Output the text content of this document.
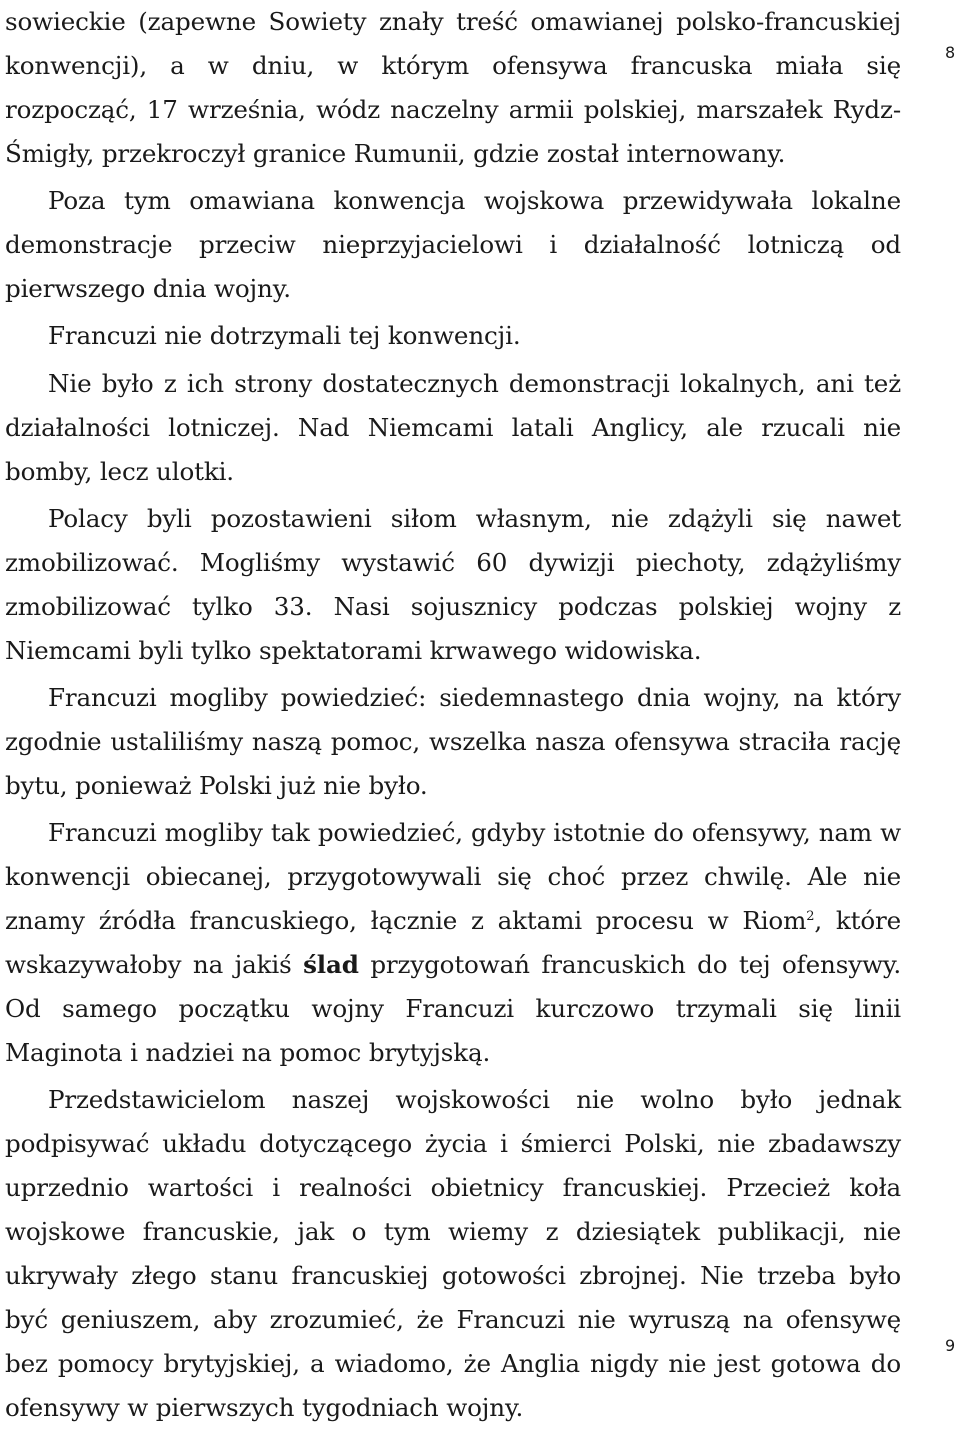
sowieckie (zapewne Sowiety znały treść omawianej polsko-francuskiej konwencji), a w dniu, w którym ofensywa francuska miała się rozpocząć, 17 września, wódz naczelny armii polskiej, marszałek Rydz-Śmigły, przekroczył granice Rumunii, gdzie został internowany.

Poza tym omawiana konwencja wojskowa przewidywała lokalne demonstracje przeciw nieprzyjacielowi i działalność lotniczą od pierwszego dnia wojny.

Francuzi nie dotrzymali tej konwencji.

Nie było z ich strony dostatecznych demonstracji lokalnych, ani też działalności lotniczej. Nad Niemcami latali Anglicy, ale rzucali nie bomby, lecz ulotki.

Polacy byli pozostawieni siłom własnym, nie zdążyli się nawet zmobilizować. Mogliśmy wystawić 60 dywizji piechoty, zdążyliśmy zmobilizować tylko 33. Nasi sojusznicy podczas polskiej wojny z Niemcami byli tylko spektatorami krwawego widowiska.

Francuzi mogliby powiedzieć: siedemnastego dnia wojny, na który zgodnie ustaliliśmy naszą pomoc, wszelka nasza ofensywa straciła rację bytu, ponieważ Polski już nie było.

Francuzi mogliby tak powiedzieć, gdyby istotnie do ofensywy, nam w konwencji obiecanej, przygotowywali się choć przez chwilę. Ale nie znamy źródła francuskiego, łącznie z aktami procesu w Riom$^2$, które wskazywałoby na jakiś ślad przygotowań francuskich do tej ofensywy. Od samego początku wojny Francuzi kurczowo trzymali się linii Maginota i nadziei na pomoc brytyjską.

Przedstawicielom naszej wojskowości nie wolno było jednak podpisywać układu dotyczącego życia i śmierci Polski, nie zbadawszy uprzednio wartości i realności obietnicy francuskiej. Przecież koła wojskowe francuskie, jak o tym wiemy z dziesiątek publikacji, nie ukrywały złego stanu francuskiej gotowości zbrojnej. Nie trzeba było być geniuszem, aby zrozumieć, że Francuzi nie wyruszą na ofensywę bez pomocy brytyjskiej, a wiadomo, że Anglia nigdy nie jest gotowa do ofensywy w pierwszych tygodniach wojny.

8
9
